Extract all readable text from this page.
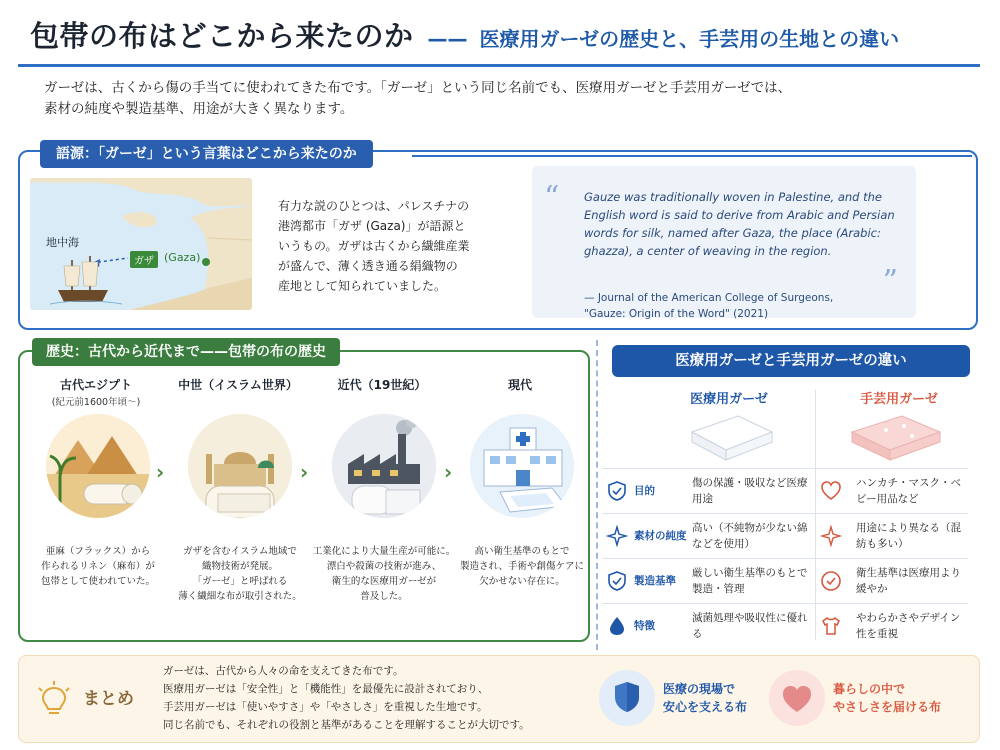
包帯の布はどこから来たのか —— 医療用ガーゼの歴史と、手芸用の生地との違い
ガーゼは、古くから傷の手当てに使われてきた布です。「ガーゼ」という同じ名前でも、医療用ガーゼと手芸用ガーゼでは、
素材の純度や製造基準、用途が大きく異なります。
語源：「ガーゼ」という言葉はどこから来たのか
地中海
ガザ (Gaza)
有力な説のひとつは、パレスチナの
港湾都市「ガザ (Gaza)」が語源と
いうもの。ガザは古くから繊維産業
が盛んで、薄く透き通る絹織物の
産地として知られていました。
“ Gauze was traditionally woven in Palestine, and the English word is said to derive from Arabic and Persian words for silk, named after Gaza, the place (Arabic: ghazza), a center of weaving in the region.
”
— Journal of the American College of Surgeons,
"Gauze: Origin of the Word" (2021)
歴史：古代から近代まで——包帯の布の歴史
古代エジプト
(紀元前1600年頃～)
亜麻（フラックス）から
作られるリネン（麻布）が
包帯として使われていた。
›
中世（イスラム世界）
ガザを含むイスラム地域で
織物技術が発展。
「ガーゼ」と呼ばれる
薄く繊細な布が取引された。
›
近代（19世紀）
工業化により大量生産が可能に。
漂白や殺菌の技術が進み、
衛生的な医療用ガーゼが
普及した。
›
現代
高い衛生基準のもとで
製造され、手術や創傷ケアに
欠かせない存在に。
医療用ガーゼと手芸用ガーゼの違い
医療用ガーゼ	手芸用ガーゼ
目的
傷の保護・吸収など医療用途
ハンカチ・マスク・ベビー用品など
素材の純度
高い（不純物が少ない綿などを使用）
用途により異なる（混紡も多い）
製造基準
厳しい衛生基準のもとで製造・管理
衛生基準は医療用より緩やか
特徴
滅菌処理や吸収性に優れる
やわらかさやデザイン性を重視
まとめ
ガーゼは、古代から人々の命を支えてきた布です。
医療用ガーゼは「安全性」と「機能性」を最優先に設計されており、
手芸用ガーゼは「使いやすさ」や「やさしさ」を重視した生地です。
同じ名前でも、それぞれの役割と基準があることを理解することが大切です。
医療の現場で
安心を支える布
暮らしの中で
やさしさを届ける布
